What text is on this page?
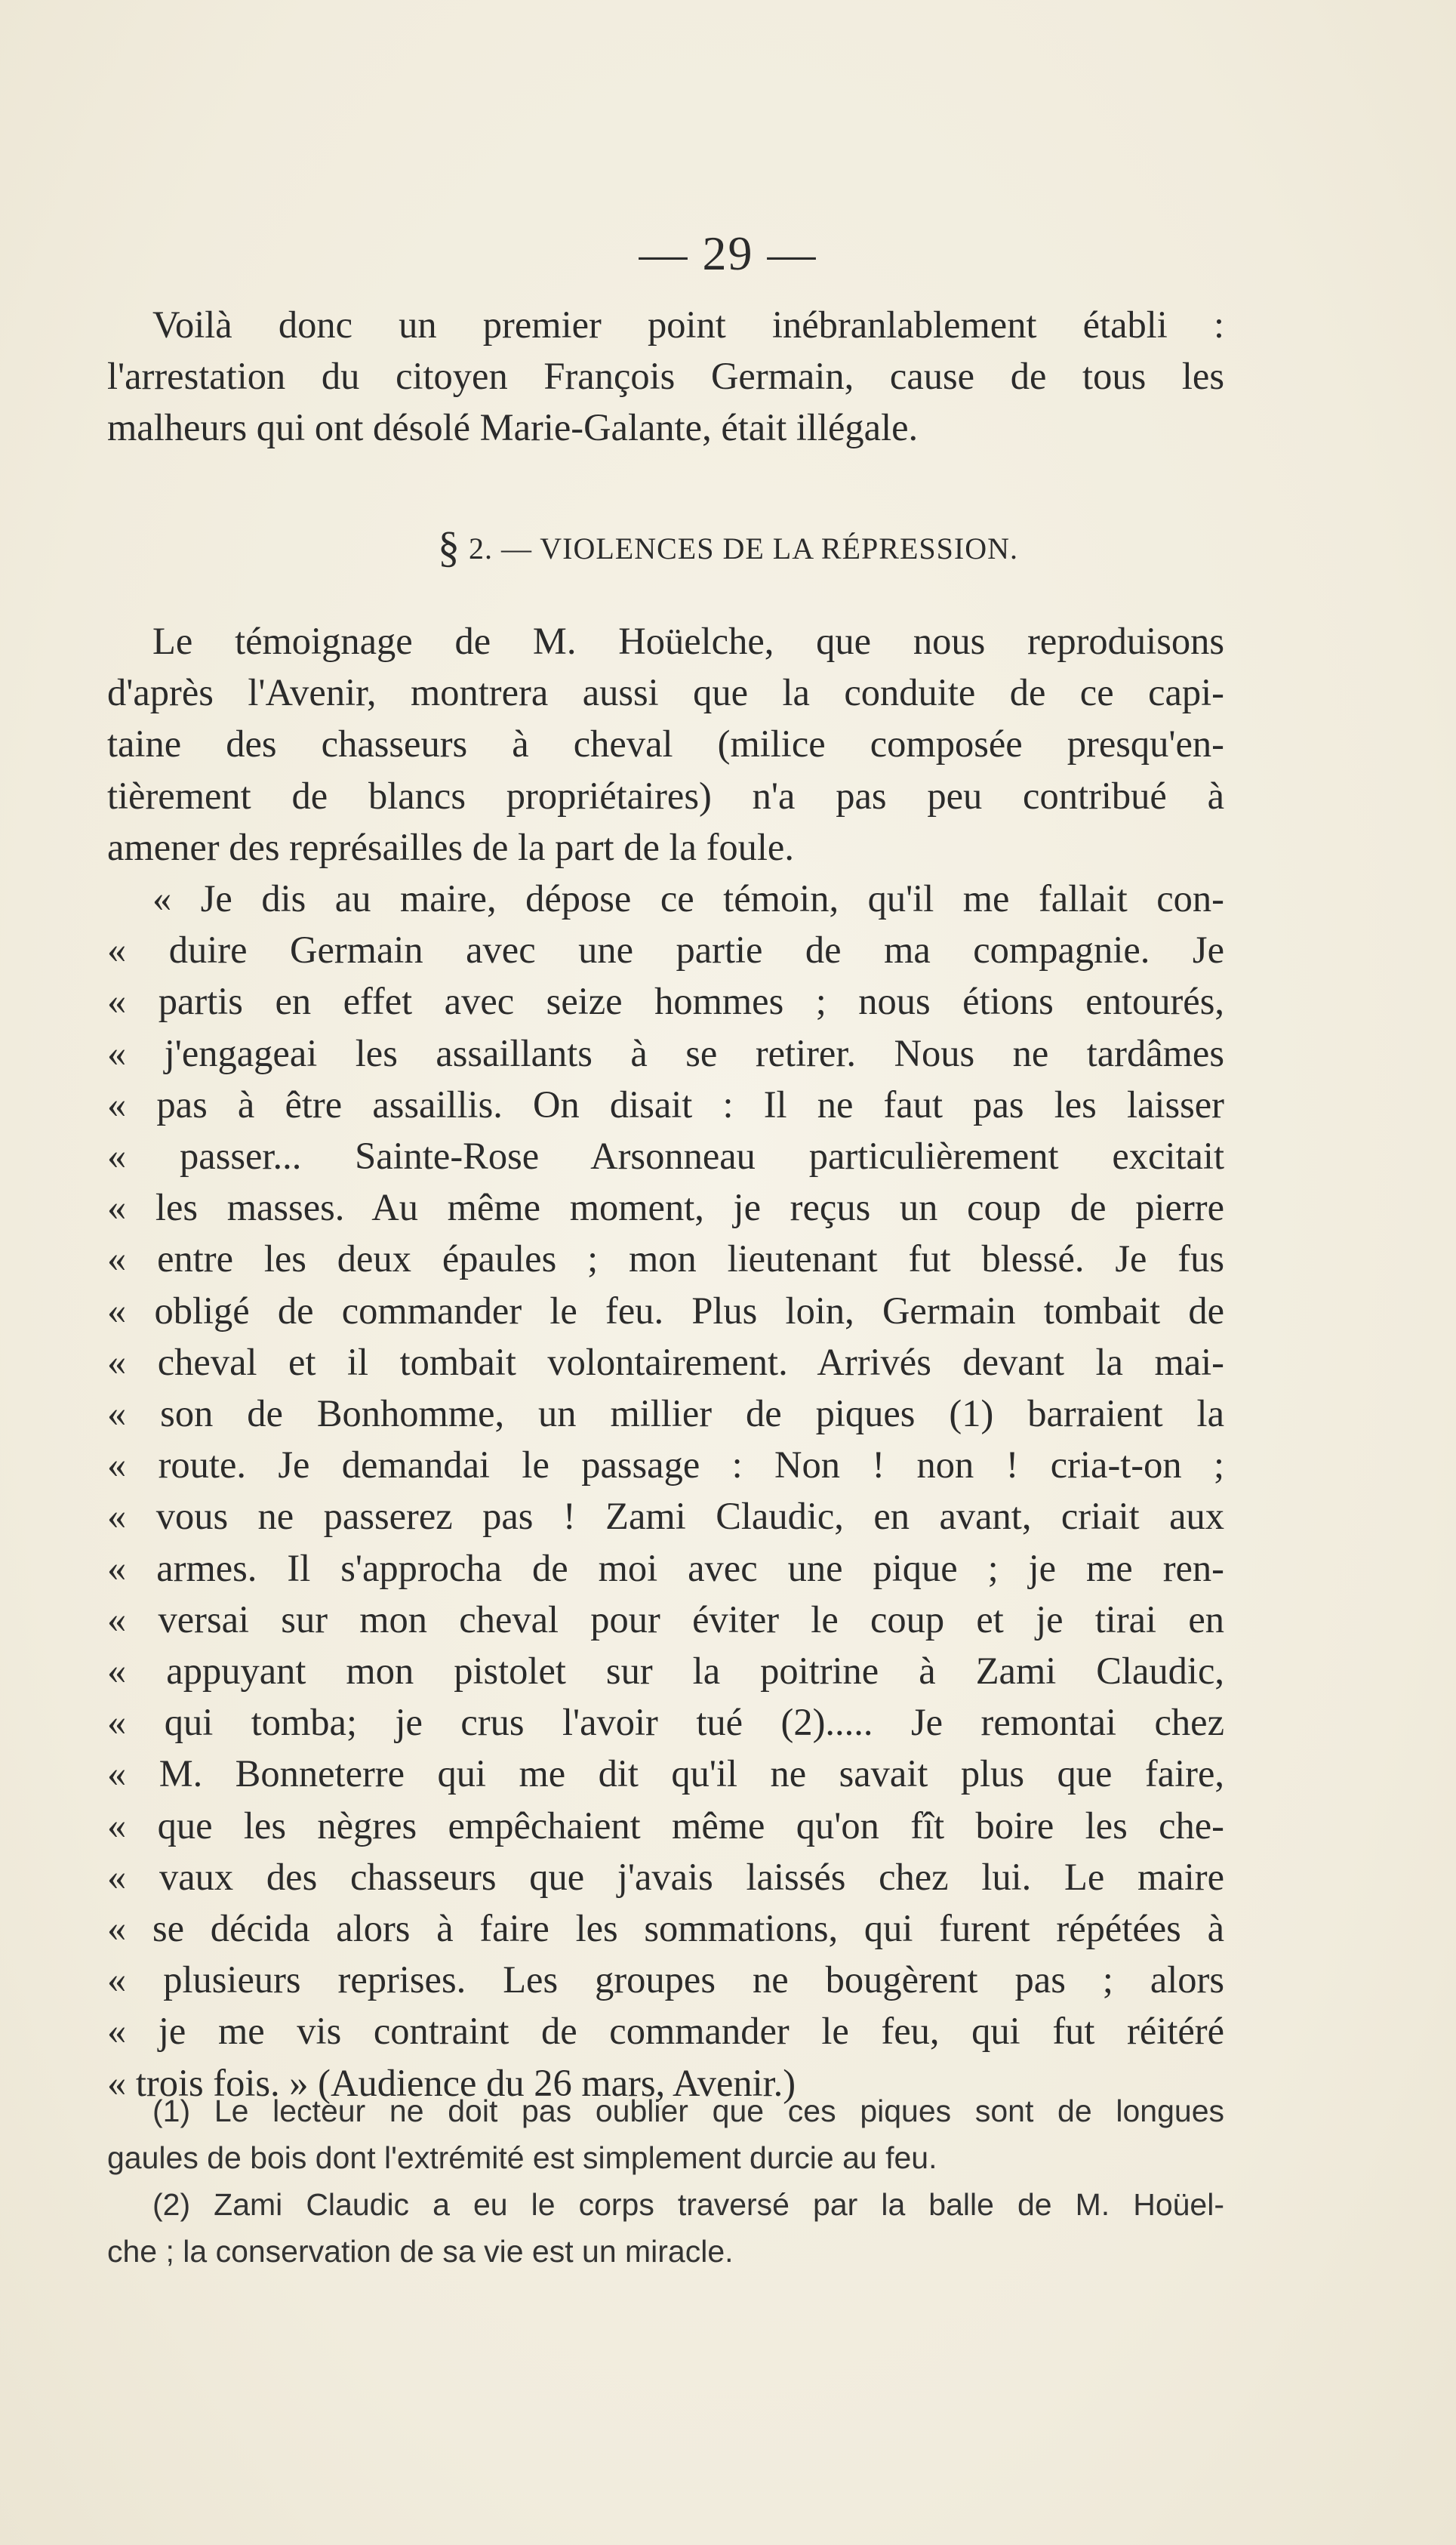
— 29 —

Voilà donc un premier point inébranlablement établi :
l'arrestation du citoyen François Germain, cause de tous les
malheurs qui ont désolé Marie-Galante, était illégale.

§ 2. — VIOLENCES DE LA RÉPRESSION.

Le témoignage de M. Hoüelche, que nous reproduisons
d'après l'Avenir, montrera aussi que la conduite de ce capi-
taine des chasseurs à cheval (milice composée presqu'en-
tièrement de blancs propriétaires) n'a pas peu contribué à
amener des représailles de la part de la foule.

« Je dis au maire, dépose ce témoin, qu'il me fallait con-
« duire Germain avec une partie de ma compagnie. Je
« partis en effet avec seize hommes ; nous étions entourés,
« j'engageai les assaillants à se retirer. Nous ne tardâmes
« pas à être assaillis. On disait : Il ne faut pas les laisser
« passer... Sainte-Rose Arsonneau particulièrement excitait
« les masses. Au même moment, je reçus un coup de pierre
« entre les deux épaules ; mon lieutenant fut blessé. Je fus
« obligé de commander le feu. Plus loin, Germain tombait de
« cheval et il tombait volontairement. Arrivés devant la mai-
« son de Bonhomme, un millier de piques (1) barraient la
« route. Je demandai le passage : Non ! non ! cria-t-on ;
« vous ne passerez pas ! Zami Claudic, en avant, criait aux
« armes. Il s'approcha de moi avec une pique ; je me ren-
« versai sur mon cheval pour éviter le coup et je tirai en
« appuyant mon pistolet sur la poitrine à Zami Claudic,
« qui tomba; je crus l'avoir tué (2)..... Je remontai chez
« M. Bonneterre qui me dit qu'il ne savait plus que faire,
« que les nègres empêchaient même qu'on fît boire les che-
« vaux des chasseurs que j'avais laissés chez lui. Le maire
« se décida alors à faire les sommations, qui furent répétées à
« plusieurs reprises. Les groupes ne bougèrent pas ; alors
« je me vis contraint de commander le feu, qui fut réitéré
« trois fois. » (Audience du 26 mars, Avenir.)

(1) Le lecteur ne doit pas oublier que ces piques sont de longues
gaules de bois dont l'extrémité est simplement durcie au feu.
(2) Zami Claudic a eu le corps traversé par la balle de M. Hoüel-
che ; la conservation de sa vie est un miracle.
